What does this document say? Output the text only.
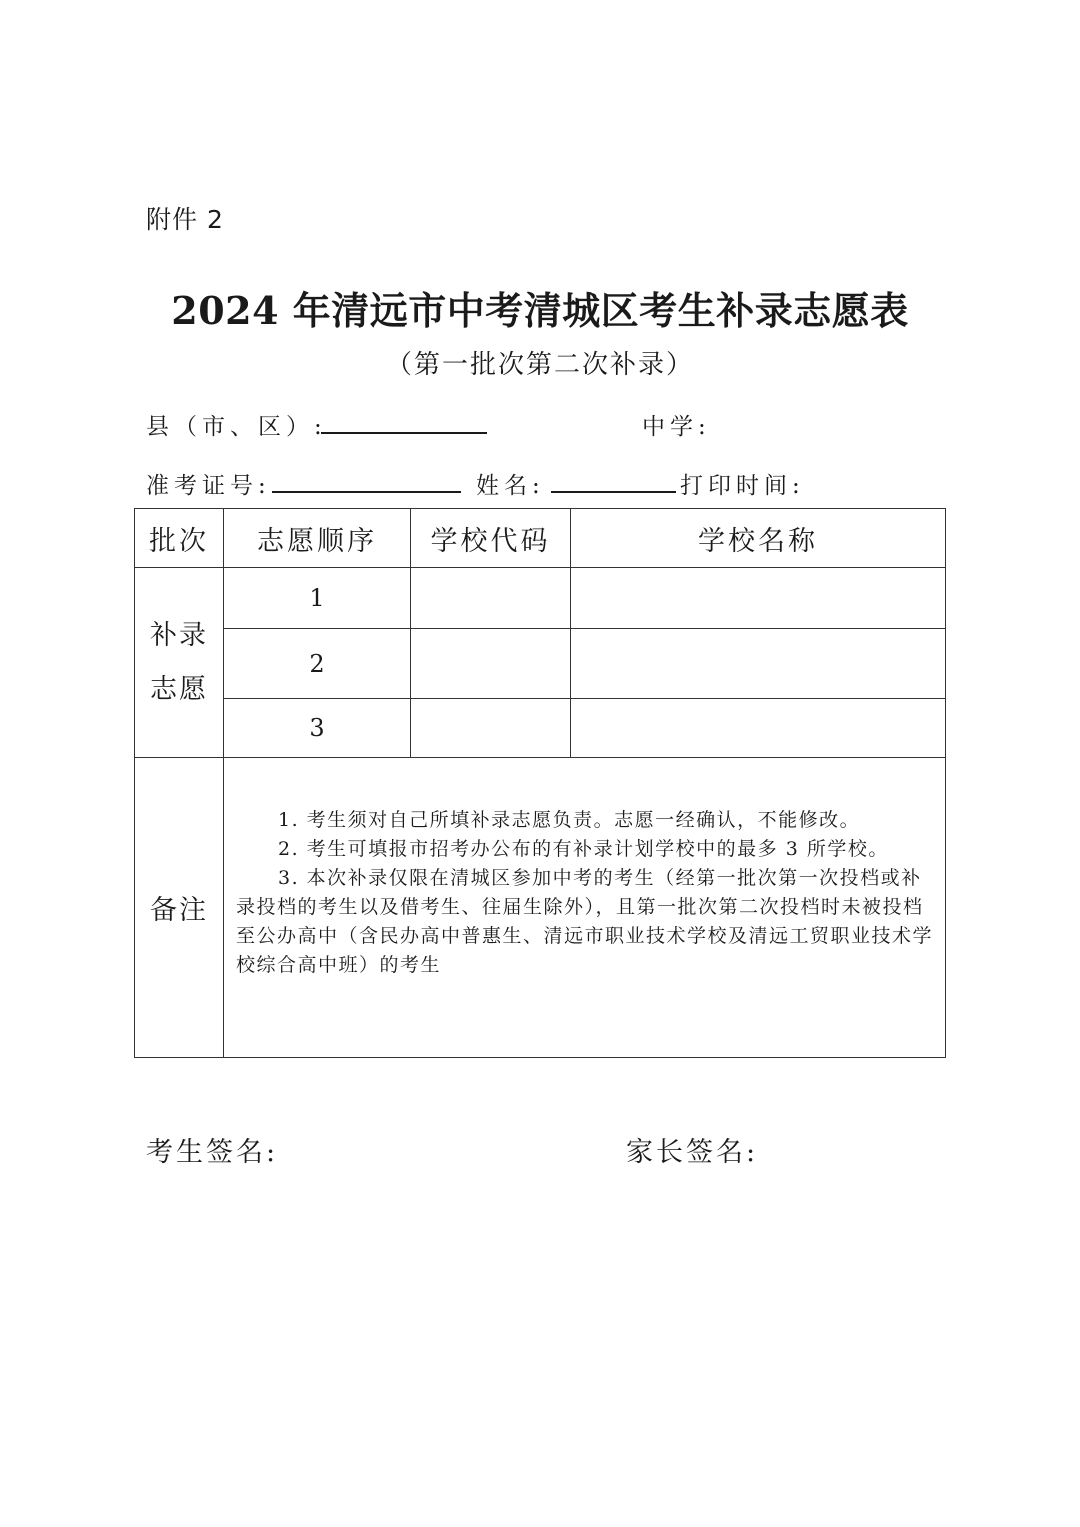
附件 2
2024 年清远市中考清城区考生补录志愿表
（第一批次第二次补录）
县（市、区）:	中学:
准考证号:	姓名:	打印时间:
批次	志愿顺序	学校代码	学校名称
补录
志愿	1		
	2		
	3		
备注	1. 考生须对自己所填补录志愿负责。志愿一经确认，不能修改。

2. 考生可填报市招考办公布的有补录计划学校中的最多 3 所学校。

3. 本次补录仅限在清城区参加中考的考生（经第一批次第一次投档或补录投档的考生以及借考生、往届生除外），且第一批次第二次投档时未被投档至公办高中（含民办高中普惠生、清远市职业技术学校及清远工贸职业技术学校综合高中班）的考生		

考生签名:	家长签名:
